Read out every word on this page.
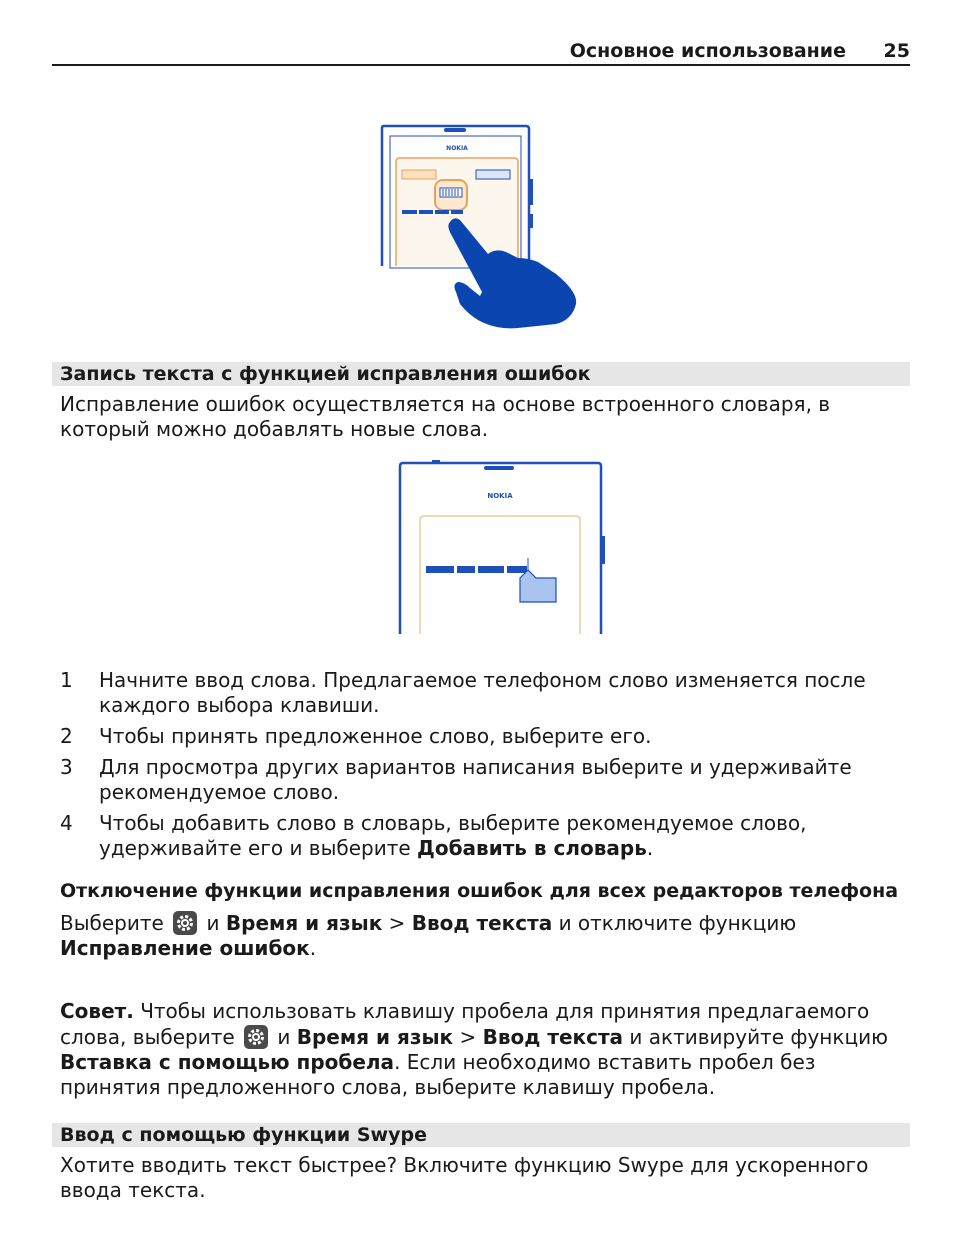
Основное использование 25
NOKIA
Запись текста с функцией исправления ошибок
Исправление ошибок осуществляется на основе встроенного словаря, в который можно добавлять новые слова.
NOKIA
1 Начните ввод слова. Предлагаемое телефоном слово изменяется после каждого выбора клавиши.
2 Чтобы принять предложенное слово, выберите его.
3 Для просмотра других вариантов написания выберите и удерживайте рекомендуемое слово.
4 Чтобы добавить слово в словарь, выберите рекомендуемое слово, удерживайте его и выберите Добавить в словарь.
Отключение функции исправления ошибок для всех редакторов телефона
Выберите и Время и язык > Ввод текста и отключите функцию Исправление ошибок.
Совет. Чтобы использовать клавишу пробела для принятия предлагаемого слова, выберите и Время и язык > Ввод текста и активируйте функцию Вставка с помощью пробела. Если необходимо вставить пробел без принятия предложенного слова, выберите клавишу пробела.
Ввод с помощью функции Swype
Хотите вводить текст быстрее? Включите функцию Swype для ускоренного ввода текста.
